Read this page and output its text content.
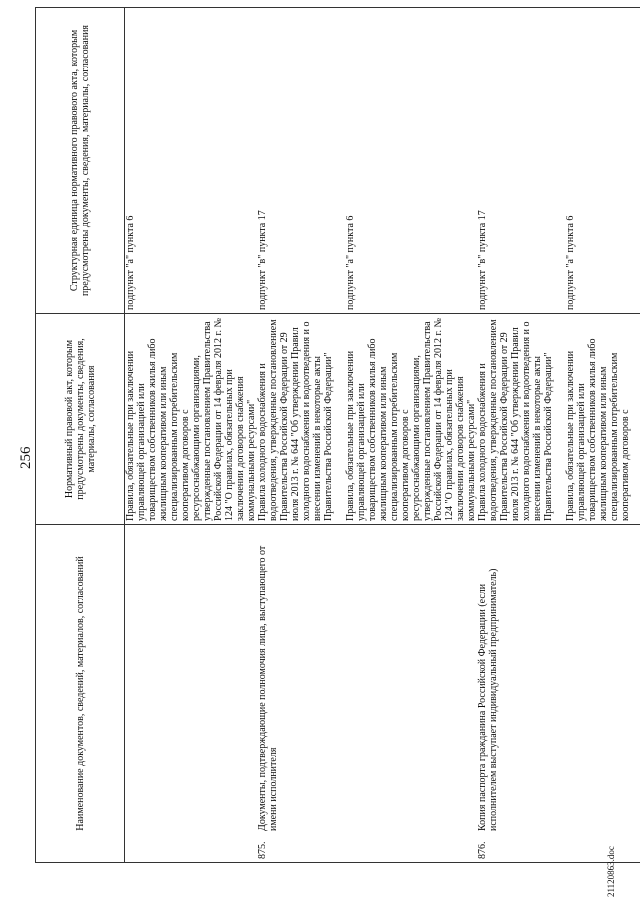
256
Наименование документов, сведений, материалов, согласований	Нормативный правовой акт, которым предусмотрены документы, сведения, материалы, согласования	Структурная единица нормативного правового акта, которым предусмотрены документы, сведения, материалы, согласования
	Правила, обязательные при заключении управляющей организацией или товариществом собственников жилья либо жилищным кооперативом или иным специализированным потребительским кооперативом договоров с ресурсоснабжающими организациями, утвержденные постановлением Правительства Российской Федерации от 14 февраля 2012 г. № 124 "О правилах, обязательных при заключении договоров снабжения коммунальными ресурсами"	подпункт "а" пункта 6
875.Документы, подтверждающие полномочия лица, выступающего от имени исполнителя	Правила холодного водоснабжения и водоотведения, утвержденные постановлением Правительства Российской Федерации от 29 июля 2013 г. № 644 "Об утверждении Правил холодного водоснабжения и водоотведения и о внесении изменений в некоторые акты Правительства Российской Федерации"	подпункт "в" пункта 17
	Правила, обязательные при заключении управляющей организацией или товариществом собственников жилья либо жилищным кооперативом или иным специализированным потребительским кооперативом договоров с ресурсоснабжающими организациями, утвержденные постановлением Правительства Российской Федерации от 14 февраля 2012 г. № 124 "О правилах, обязательных при заключении договоров снабжения коммунальными ресурсами"	подпункт "а" пункта 6
876.Копия паспорта гражданина Российской Федерации (если исполнителем выступает индивидуальный предприниматель)	Правила холодного водоснабжения и водоотведения, утвержденные постановлением Правительства Российской Федерации от 29 июля 2013 г. № 644 "Об утверждении Правил холодного водоснабжения и водоотведения и о внесении изменений в некоторые акты Правительства Российской Федерации"	подпункт "в" пункта 17
	Правила, обязательные при заключении управляющей организацией или товариществом собственников жилья либо жилищным кооперативом или иным специализированным потребительским кооперативом договоров с	подпункт "а" пункта 6
21120863.doc
